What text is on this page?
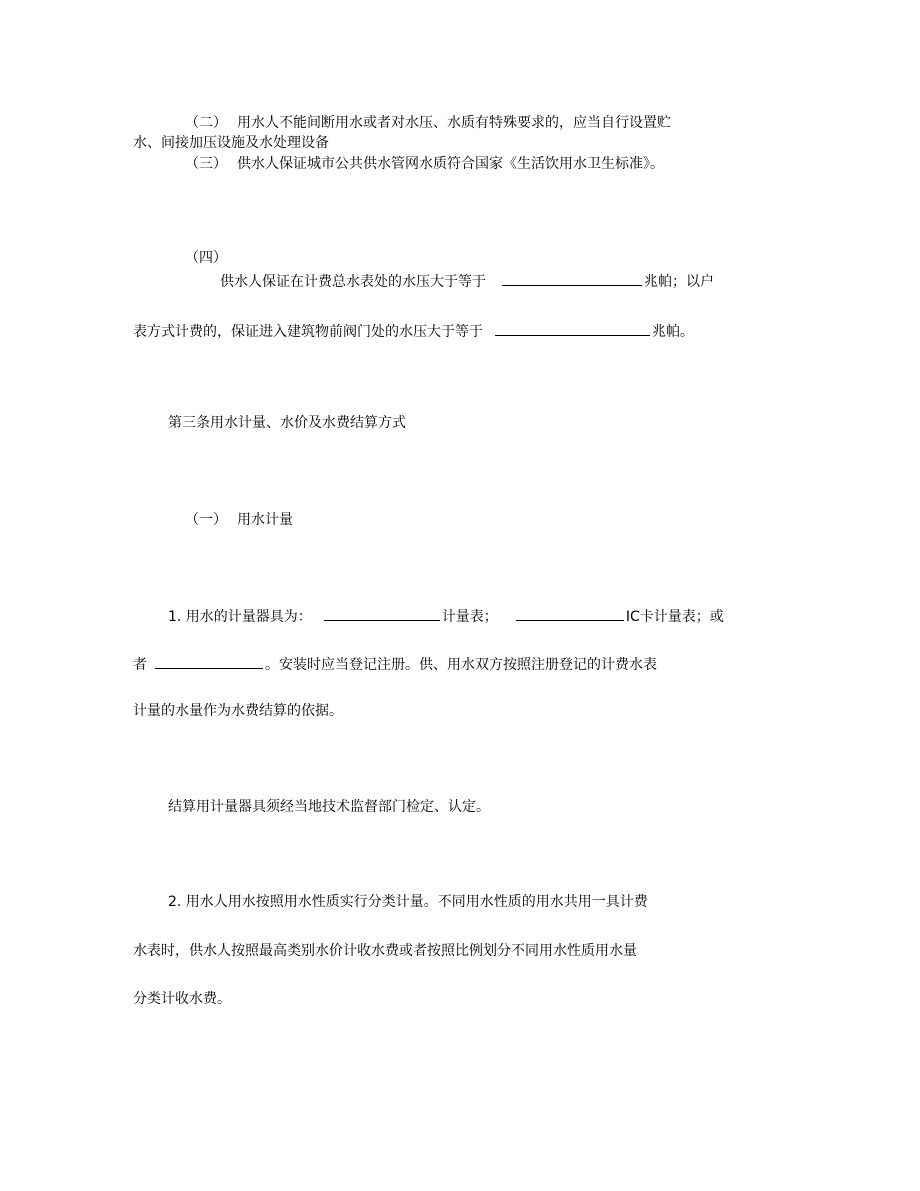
（二） 用水人不能间断用水或者对水压、水质有特殊要求的，应当自行设置贮
水、间接加压设施及水处理设备
（三） 供水人保证城市公共供水管网水质符合国家《生活饮用水卫生标准》。
（四）
供水人保证在计费总水表处的水压大于等于	兆帕；以户
表方式计费的，保证进入建筑物前阀门处的水压大于等于	兆帕。
第三条用水计量、水价及水费结算方式
（一） 用水计量
1. 用水的计量器具为：	计量表；	IC卡计量表；或
者	。安装时应当登记注册。供、用水双方按照注册登记的计费水表
计量的水量作为水费结算的依据。
结算用计量器具须经当地技术监督部门检定、认定。
2. 用水人用水按照用水性质实行分类计量。不同用水性质的用水共用一具计费
水表时，供水人按照最高类别水价计收水费或者按照比例划分不同用水性质用水量
分类计收水费。
